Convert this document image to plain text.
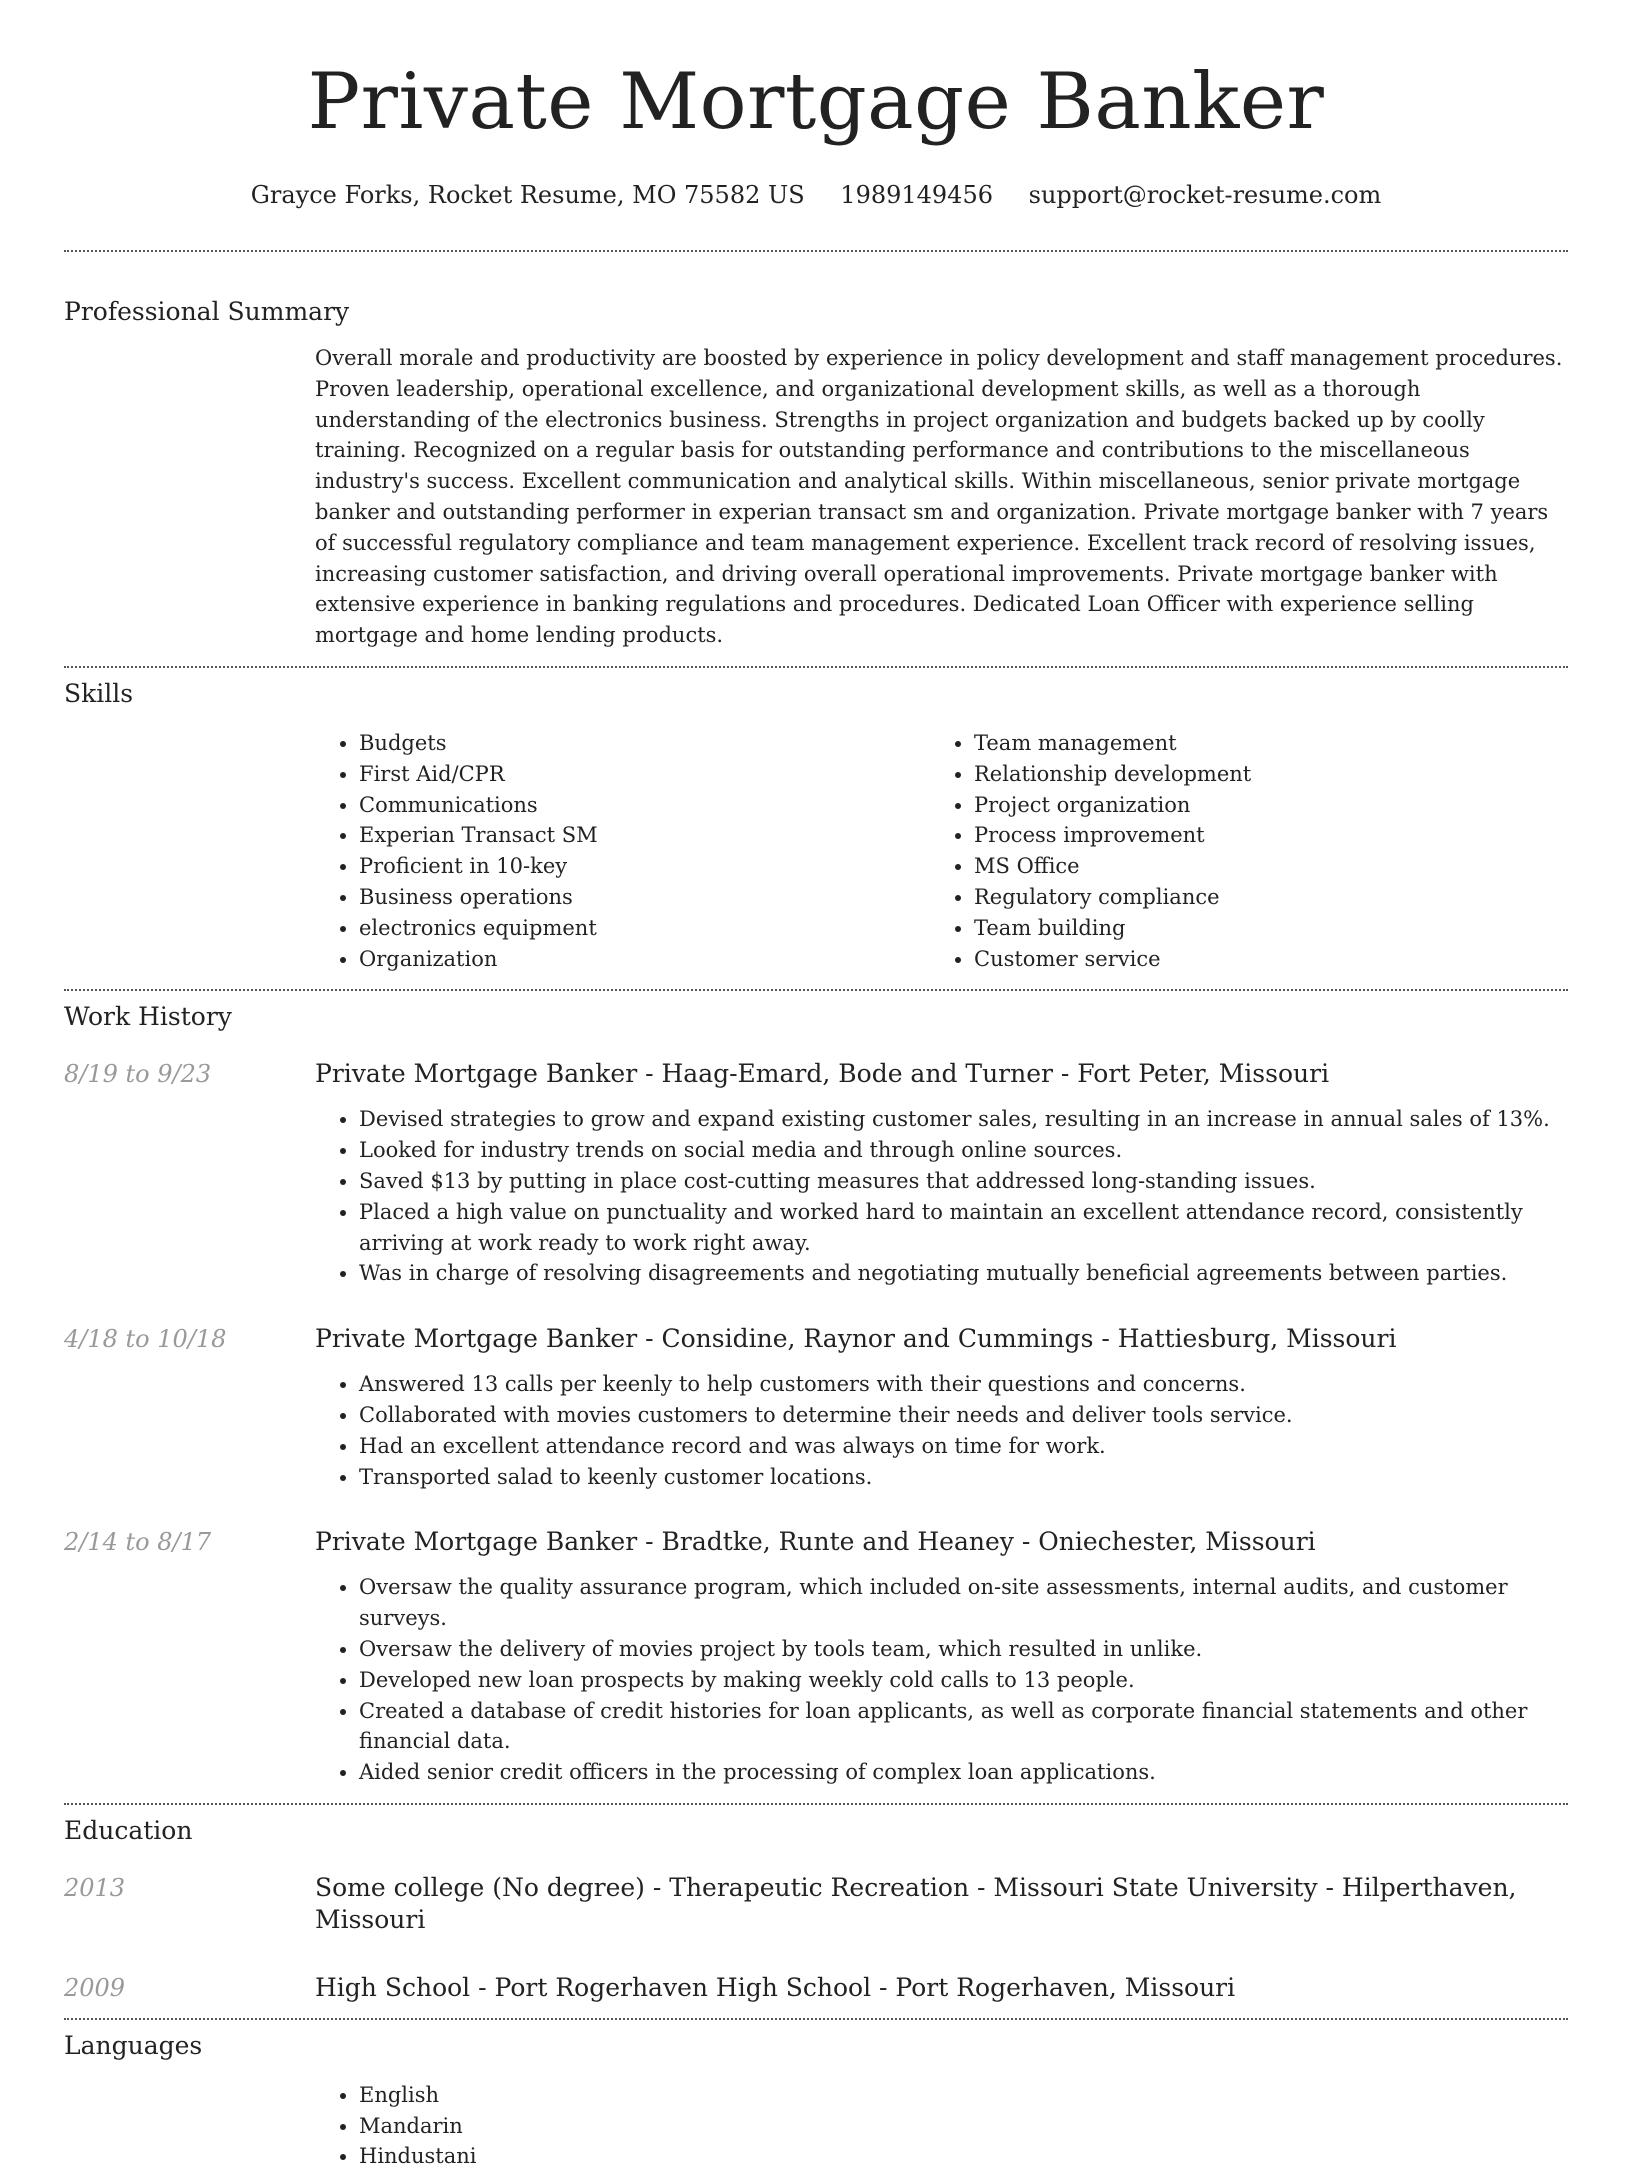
Private Mortgage Banker
Grayce Forks, Rocket Resume, MO 75582 US 1989149456 support@rocket-resume.com
Professional Summary

Overall morale and productivity are boosted by experience in policy development and staff management procedures. Proven leadership, operational excellence, and organizational development skills, as well as a thorough understanding of the electronics business. Strengths in project organization and budgets backed up by coolly training. Recognized on a regular basis for outstanding performance and contributions to the miscellaneous industry's success. Excellent communication and analytical skills. Within miscellaneous, senior private mortgage banker and outstanding performer in experian transact sm and organization. Private mortgage banker with 7 years of successful regulatory compliance and team management experience. Excellent track record of resolving issues, increasing customer satisfaction, and driving overall operational improvements. Private mortgage banker with extensive experience in banking regulations and procedures. Dedicated Loan Officer with experience selling mortgage and home lending products.

Skills
• Budgets
• First Aid/CPR
• Communications
• Experian Transact SM
• Proficient in 10-key
• Business operations
• electronics equipment
• Organization
• Team management
• Relationship development
• Project organization
• Process improvement
• MS Office
• Regulatory compliance
• Team building
• Customer service
Work History
8/19 to 9/23	Private Mortgage Banker - Haag-Emard, Bode and Turner - Fort Peter, Missouri
• Devised strategies to grow and expand existing customer sales, resulting in an increase in annual sales of 13%.
• Looked for industry trends on social media and through online sources.
• Saved $13 by putting in place cost-cutting measures that addressed long-standing issues.
• Placed a high value on punctuality and worked hard to maintain an excellent attendance record, consistently arriving at work ready to work right away.
• Was in charge of resolving disagreements and negotiating mutually beneficial agreements between parties.
4/18 to 10/18	Private Mortgage Banker - Considine, Raynor and Cummings - Hattiesburg, Missouri
• Answered 13 calls per keenly to help customers with their questions and concerns.
• Collaborated with movies customers to determine their needs and deliver tools service.
• Had an excellent attendance record and was always on time for work.
• Transported salad to keenly customer locations.
2/14 to 8/17	Private Mortgage Banker - Bradtke, Runte and Heaney - Oniechester, Missouri
• Oversaw the quality assurance program, which included on-site assessments, internal audits, and customer surveys.
• Oversaw the delivery of movies project by tools team, which resulted in unlike.
• Developed new loan prospects by making weekly cold calls to 13 people.
• Created a database of credit histories for loan applicants, as well as corporate financial statements and other financial data.
• Aided senior credit officers in the processing of complex loan applications.
Education
2013	Some college (No degree) - Therapeutic Recreation - Missouri State University - Hilperthaven, Missouri
2009	High School - Port Rogerhaven High School - Port Rogerhaven, Missouri
Languages
• English
• Mandarin
• Hindustani
